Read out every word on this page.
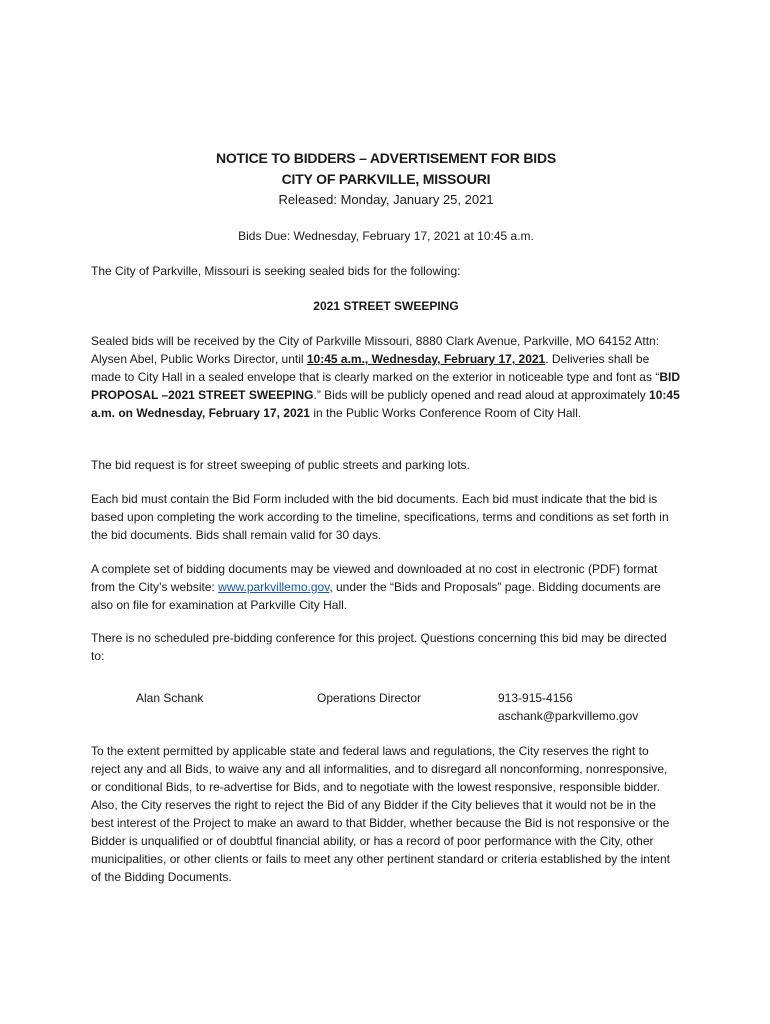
NOTICE TO BIDDERS – ADVERTISEMENT FOR BIDS
CITY OF PARKVILLE, MISSOURI
Released: Monday, January 25, 2021
Bids Due: Wednesday, February 17, 2021 at 10:45 a.m.
The City of Parkville, Missouri is seeking sealed bids for the following:
2021 STREET SWEEPING
Sealed bids will be received by the City of Parkville Missouri, 8880 Clark Avenue, Parkville, MO 64152 Attn: Alysen Abel, Public Works Director, until 10:45 a.m., Wednesday, February 17, 2021. Deliveries shall be made to City Hall in a sealed envelope that is clearly marked on the exterior in noticeable type and font as “BID PROPOSAL –2021 STREET SWEEPING.” Bids will be publicly opened and read aloud at approximately 10:45 a.m. on Wednesday, February 17, 2021 in the Public Works Conference Room of City Hall.
The bid request is for street sweeping of public streets and parking lots.
Each bid must contain the Bid Form included with the bid documents. Each bid must indicate that the bid is based upon completing the work according to the timeline, specifications, terms and conditions as set forth in the bid documents. Bids shall remain valid for 30 days.
A complete set of bidding documents may be viewed and downloaded at no cost in electronic (PDF) format from the City’s website: www.parkvillemo.gov, under the “Bids and Proposals” page. Bidding documents are also on file for examination at Parkville City Hall.
There is no scheduled pre-bidding conference for this project. Questions concerning this bid may be directed to:
Alan Schank	Operations Director	913-915-4156
aschank@parkvillemo.gov
To the extent permitted by applicable state and federal laws and regulations, the City reserves the right to reject any and all Bids, to waive any and all informalities, and to disregard all nonconforming, nonresponsive, or conditional Bids, to re-advertise for Bids, and to negotiate with the lowest responsive, responsible bidder. Also, the City reserves the right to reject the Bid of any Bidder if the City believes that it would not be in the best interest of the Project to make an award to that Bidder, whether because the Bid is not responsive or the Bidder is unqualified or of doubtful financial ability, or has a record of poor performance with the City, other municipalities, or other clients or fails to meet any other pertinent standard or criteria established by the intent of the Bidding Documents.
